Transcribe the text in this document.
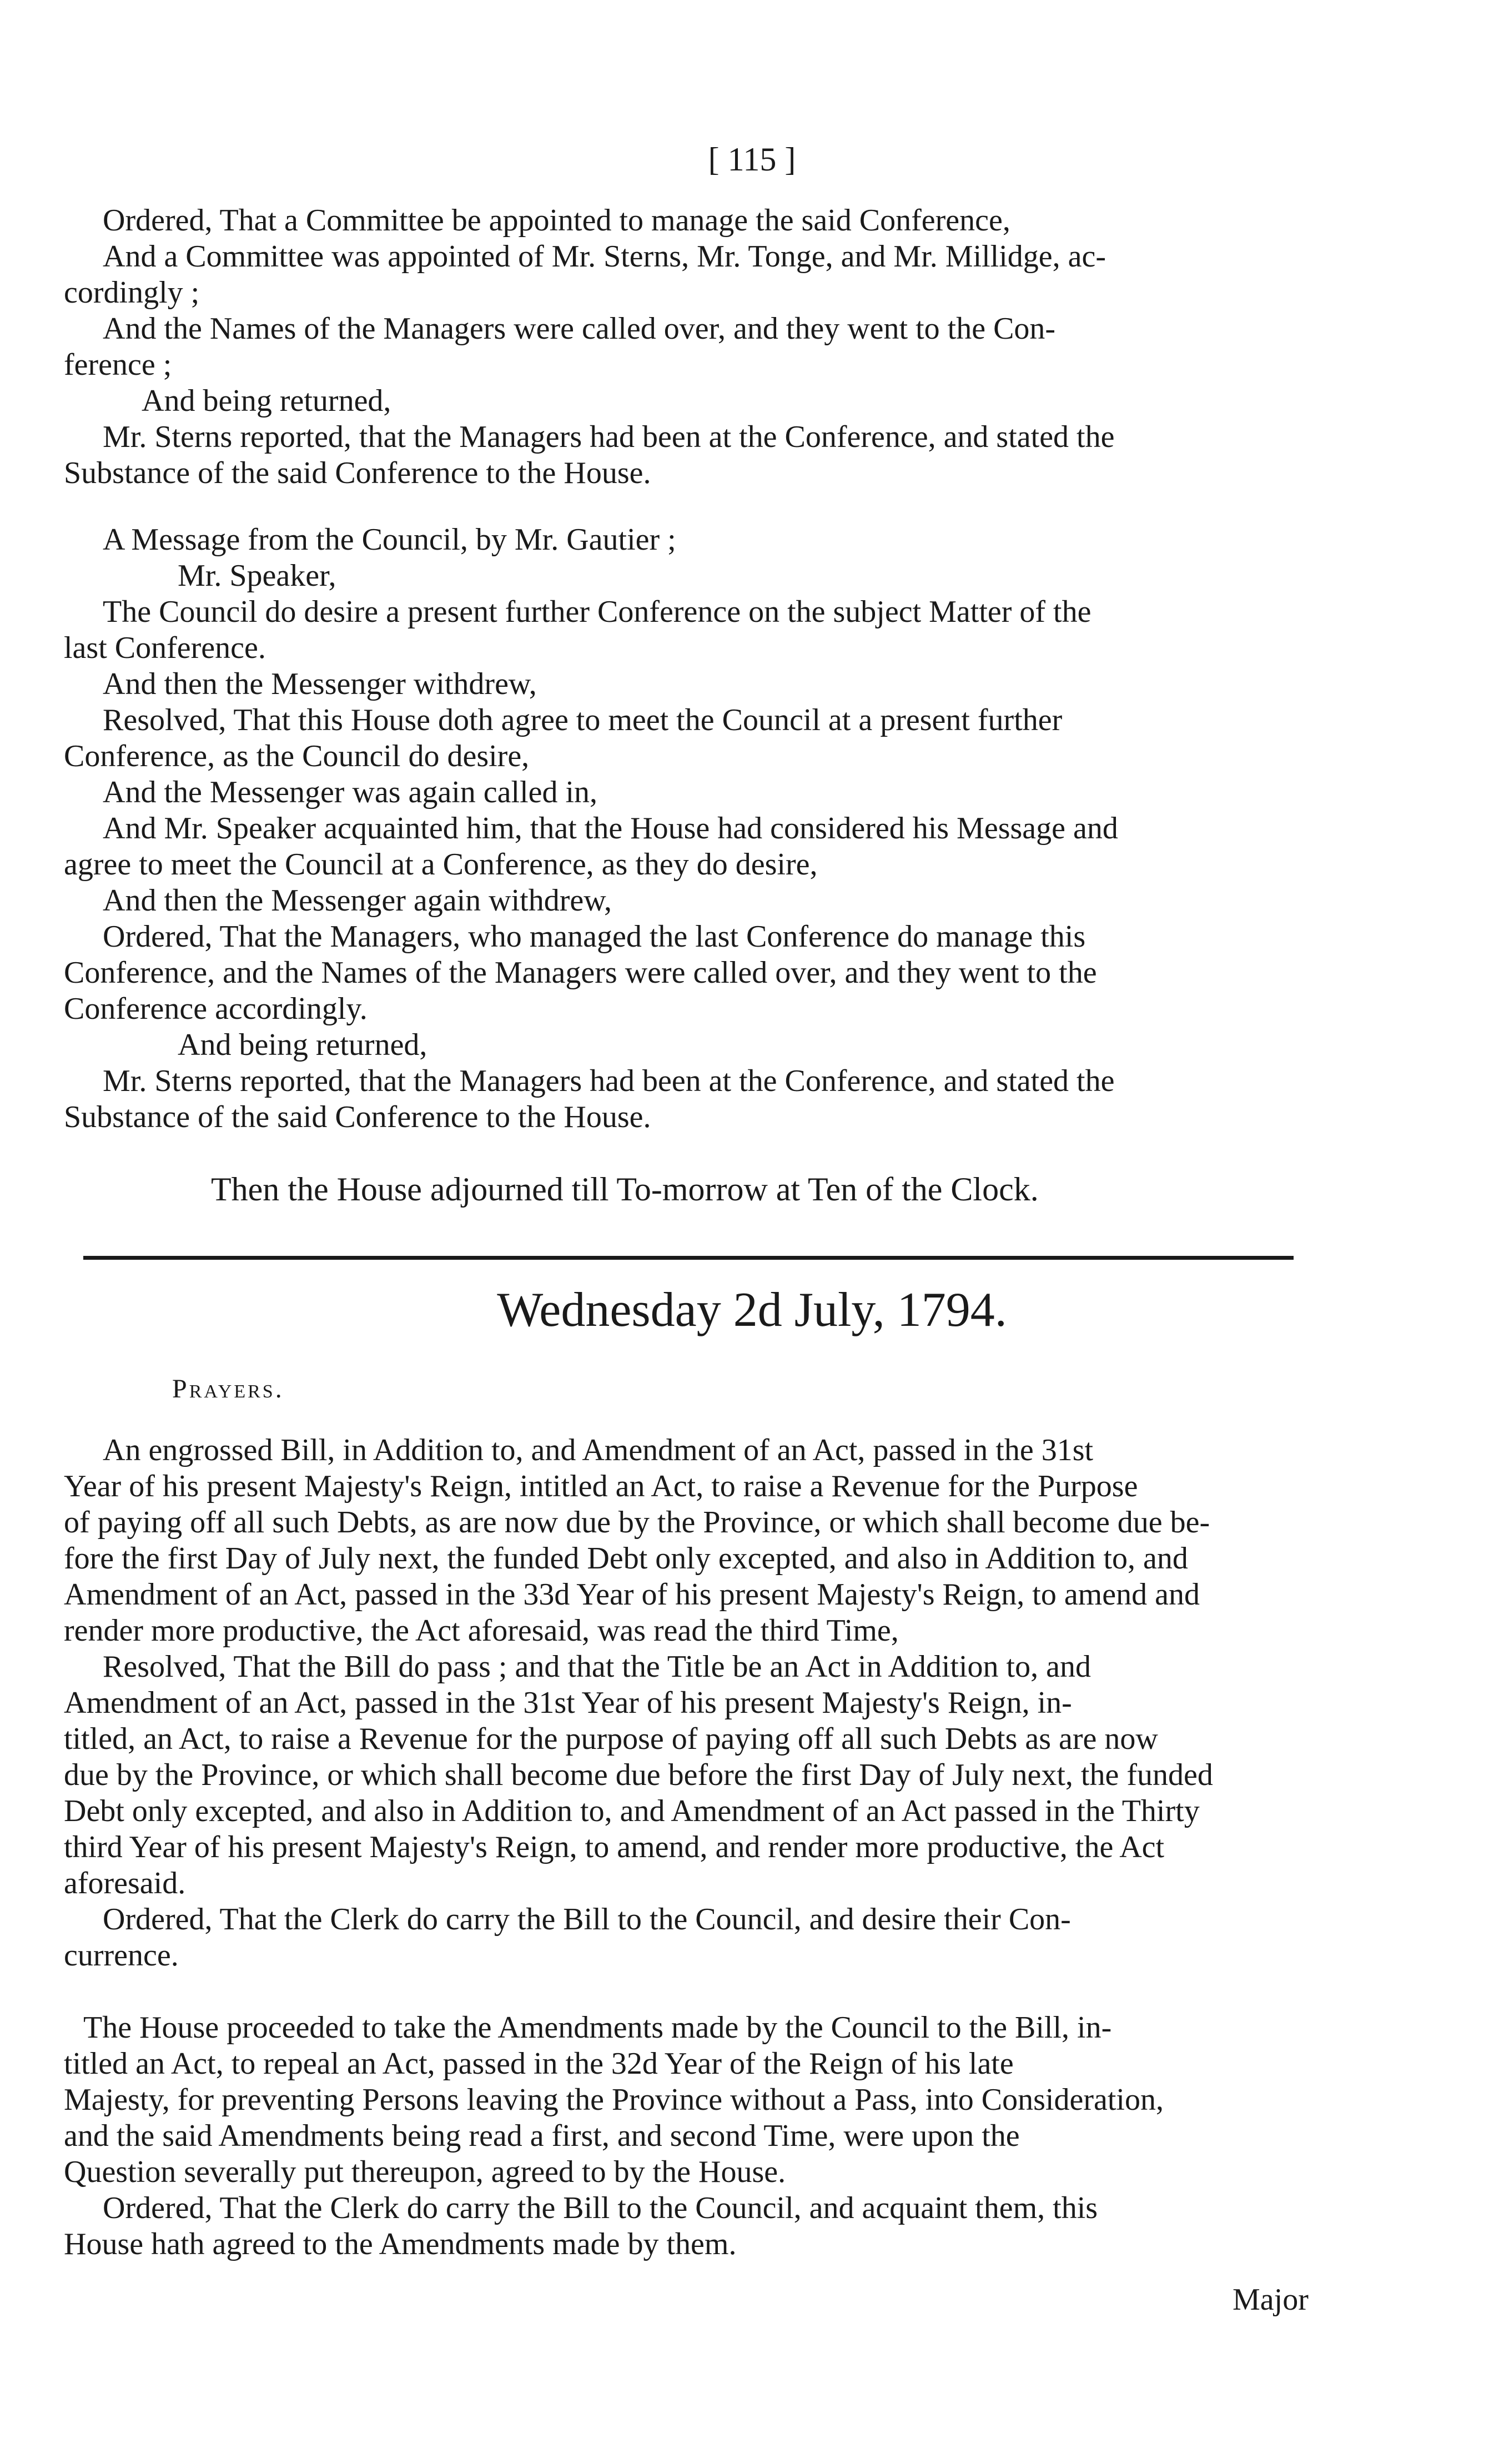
[ 115 ]
Ordered, That a Committee be appointed to manage the said Conference,
And a Committee was appointed of Mr. Sterns, Mr. Tonge, and Mr. Millidge, ac-
cordingly ;
And the Names of the Managers were called over, and they went to the Con-
ference ;
And being returned,
Mr. Sterns reported, that the Managers had been at the Conference, and stated the
Substance of the said Conference to the House.
A Message from the Council, by Mr. Gautier ;
Mr. Speaker,
The Council do desire a present further Conference on the subject Matter of the
last Conference.
And then the Messenger withdrew,
Resolved, That this House doth agree to meet the Council at a present further
Conference, as the Council do desire,
And the Messenger was again called in,
And Mr. Speaker acquainted him, that the House had considered his Message and
agree to meet the Council at a Conference, as they do desire,
And then the Messenger again withdrew,
Ordered, That the Managers, who managed the last Conference do manage this
Conference, and the Names of the Managers were called over, and they went to the
Conference accordingly.
And being returned,
Mr. Sterns reported, that the Managers had been at the Conference, and stated the
Substance of the said Conference to the House.
Then the House adjourned till To-morrow at Ten of the Clock.
Wednesday 2d July, 1794.
Prayers.
An engrossed Bill, in Addition to, and Amendment of an Act, passed in the 31st
Year of his present Majesty's Reign, intitled an Act, to raise a Revenue for the Purpose
of paying off all such Debts, as are now due by the Province, or which shall become due be-
fore the first Day of July next, the funded Debt only excepted, and also in Addition to, and
Amendment of an Act, passed in the 33d Year of his present Majesty's Reign, to amend and
render more productive, the Act aforesaid, was read the third Time,
Resolved, That the Bill do pass ; and that the Title be an Act in Addition to, and
Amendment of an Act, passed in the 31st Year of his present Majesty's Reign, in-
titled, an Act, to raise a Revenue for the purpose of paying off all such Debts as are now
due by the Province, or which shall become due before the first Day of July next, the funded
Debt only excepted, and also in Addition to, and Amendment of an Act passed in the Thirty
third Year of his present Majesty's Reign, to amend, and render more productive, the Act
aforesaid.
Ordered, That the Clerk do carry the Bill to the Council, and desire their Con-
currence.
The House proceeded to take the Amendments made by the Council to the Bill, in-
titled an Act, to repeal an Act, passed in the 32d Year of the Reign of his late
Majesty, for preventing Persons leaving the Province without a Pass, into Consideration,
and the said Amendments being read a first, and second Time, were upon the
Question severally put thereupon, agreed to by the House.
Ordered, That the Clerk do carry the Bill to the Council, and acquaint them, this
House hath agreed to the Amendments made by them.
Major
